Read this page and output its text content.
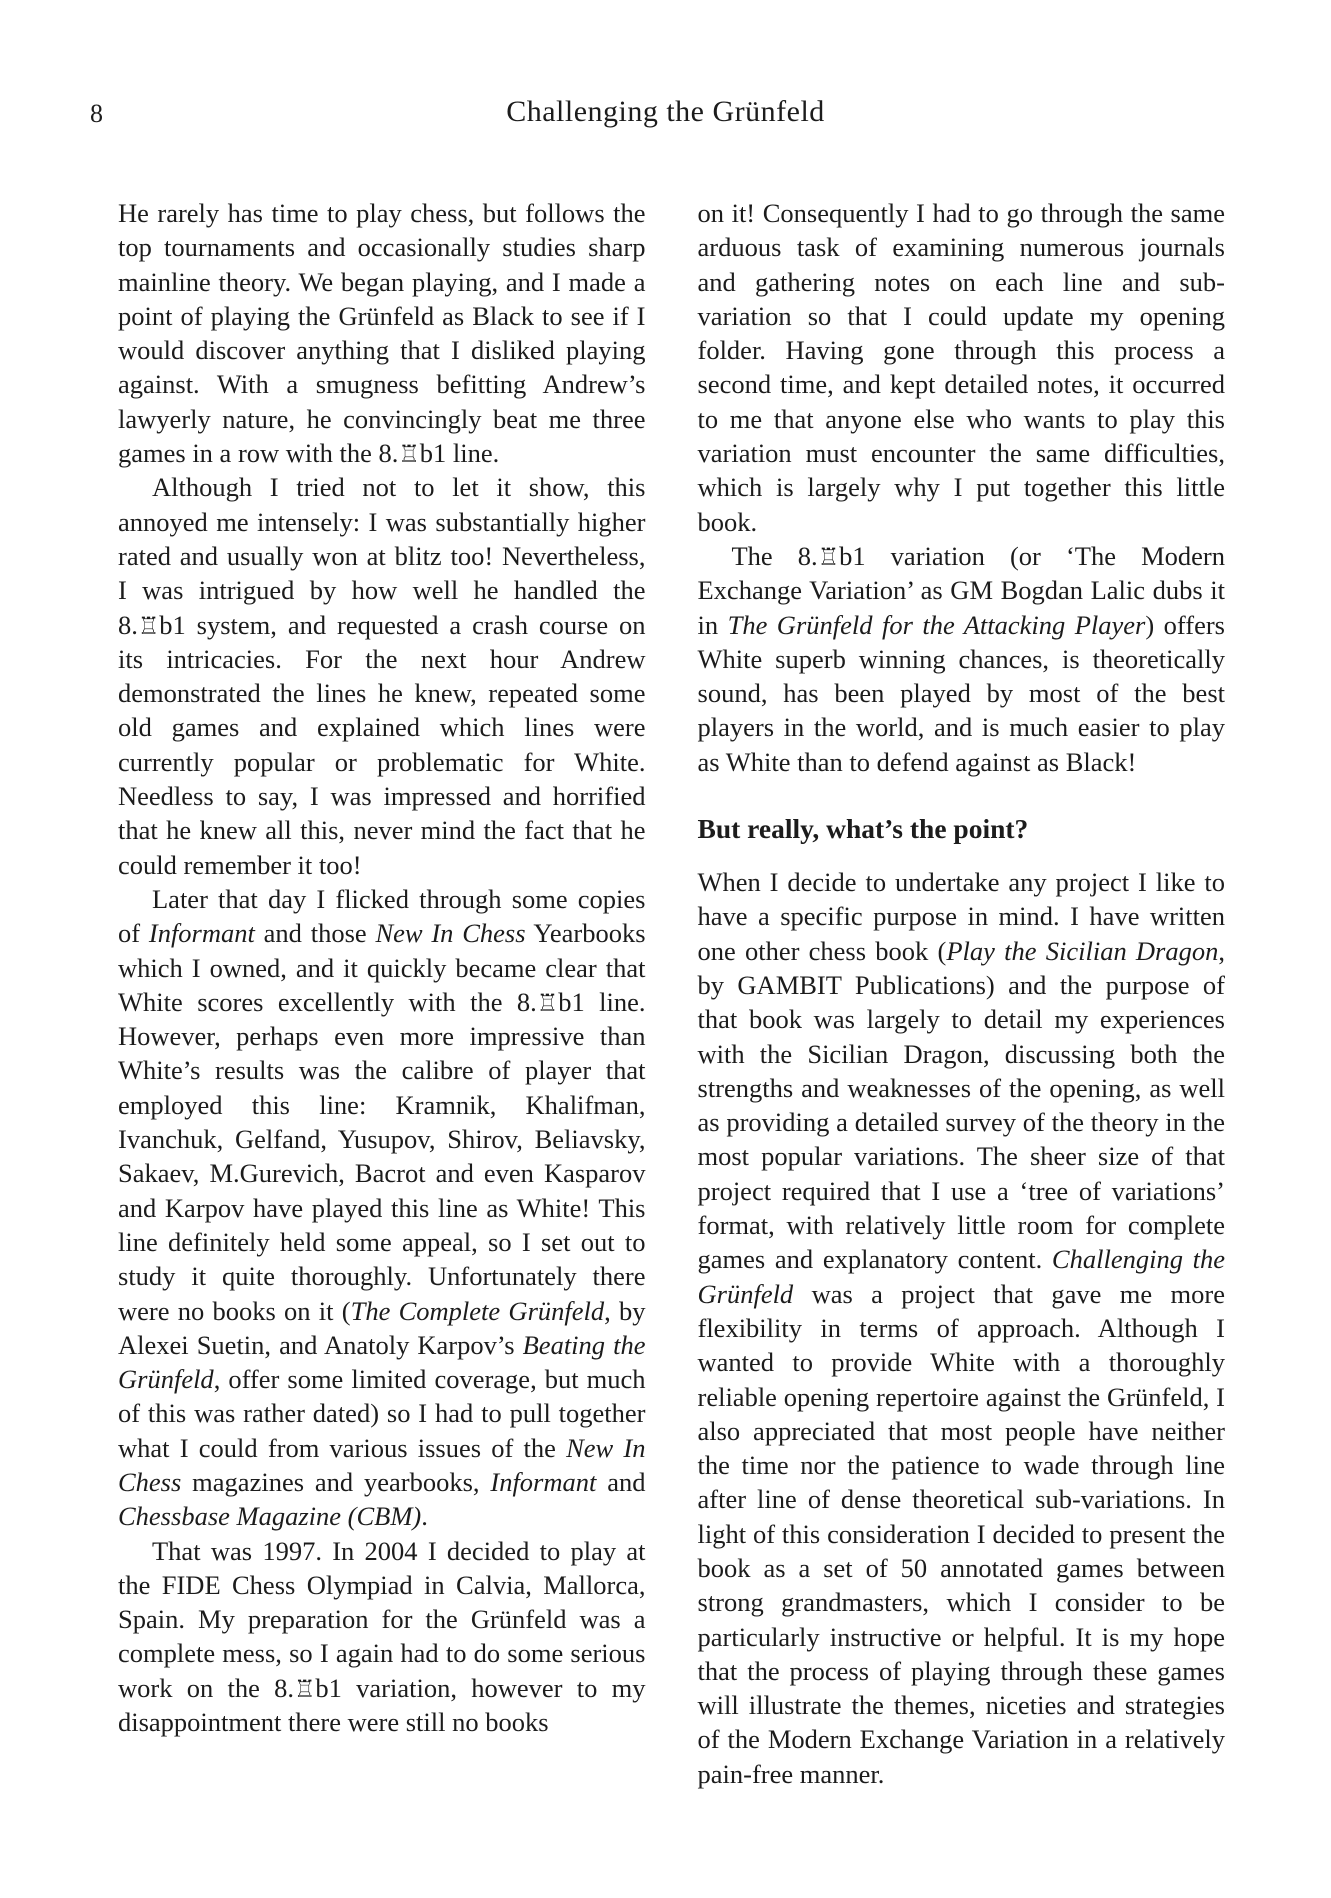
8	Challenging the Grünfeld

He rarely has time to play chess, but follows the top tournaments and occasionally studies sharp mainline theory. We began playing, and I made a point of playing the Grünfeld as Black to see if I would discover anything that I disliked playing against. With a smugness befitting Andrew’s lawyerly nature, he convincingly beat me three games in a row with the 8.♖b1 line.

Although I tried not to let it show, this annoyed me intensely: I was substantially higher rated and usually won at blitz too! Nevertheless, I was intrigued by how well he handled the 8.♖b1 system, and requested a crash course on its intricacies. For the next hour Andrew demonstrated the lines he knew, repeated some old games and explained which lines were currently popular or problematic for White. Needless to say, I was impressed and horrified that he knew all this, never mind the fact that he could remember it too!

Later that day I flicked through some copies of Informant and those New In Chess Yearbooks which I owned, and it quickly became clear that White scores excellently with the 8.♖b1 line. However, perhaps even more impressive than White’s results was the calibre of player that employed this line: Kramnik, Khalifman, Ivanchuk, Gelfand, Yusupov, Shirov, Beliavsky, Sakaev, M.Gurevich, Bacrot and even Kasparov and Karpov have played this line as White! This line definitely held some appeal, so I set out to study it quite thoroughly. Unfortunately there were no books on it (The Complete Grünfeld, by Alexei Suetin, and Anatoly Karpov’s Beating the Grünfeld, offer some limited coverage, but much of this was rather dated) so I had to pull together what I could from various issues of the New In Chess magazines and yearbooks, Informant and Chessbase Magazine (CBM).

That was 1997. In 2004 I decided to play at the FIDE Chess Olympiad in Calvia, Mallorca, Spain. My preparation for the Grünfeld was a complete mess, so I again had to do some serious work on the 8.♖b1 variation, however to my disappointment there were still no books

on it! Consequently I had to go through the same arduous task of examining numerous journals and gathering notes on each line and sub-variation so that I could update my opening folder. Having gone through this process a second time, and kept detailed notes, it occurred to me that anyone else who wants to play this variation must encounter the same difficulties, which is largely why I put together this little book.

The 8.♖b1 variation (or ‘The Modern Exchange Variation’ as GM Bogdan Lalic dubs it in The Grünfeld for the Attacking Player) offers White superb winning chances, is theoretically sound, has been played by most of the best players in the world, and is much easier to play as White than to defend against as Black!

But really, what’s the point?

When I decide to undertake any project I like to have a specific purpose in mind. I have written one other chess book (Play the Sicilian Dragon, by GAMBIT Publications) and the purpose of that book was largely to detail my experiences with the Sicilian Dragon, discussing both the strengths and weaknesses of the opening, as well as providing a detailed survey of the theory in the most popular variations. The sheer size of that project required that I use a ‘tree of variations’ format, with relatively little room for complete games and explanatory content. Challenging the Grünfeld was a project that gave me more flexibility in terms of approach. Although I wanted to provide White with a thoroughly reliable opening repertoire against the Grünfeld, I also appreciated that most people have neither the time nor the patience to wade through line after line of dense theoretical sub-variations. In light of this consideration I decided to present the book as a set of 50 annotated games between strong grandmasters, which I consider to be particularly instructive or helpful. It is my hope that the process of playing through these games will illustrate the themes, niceties and strategies of the Modern Exchange Variation in a relatively pain-free manner.
